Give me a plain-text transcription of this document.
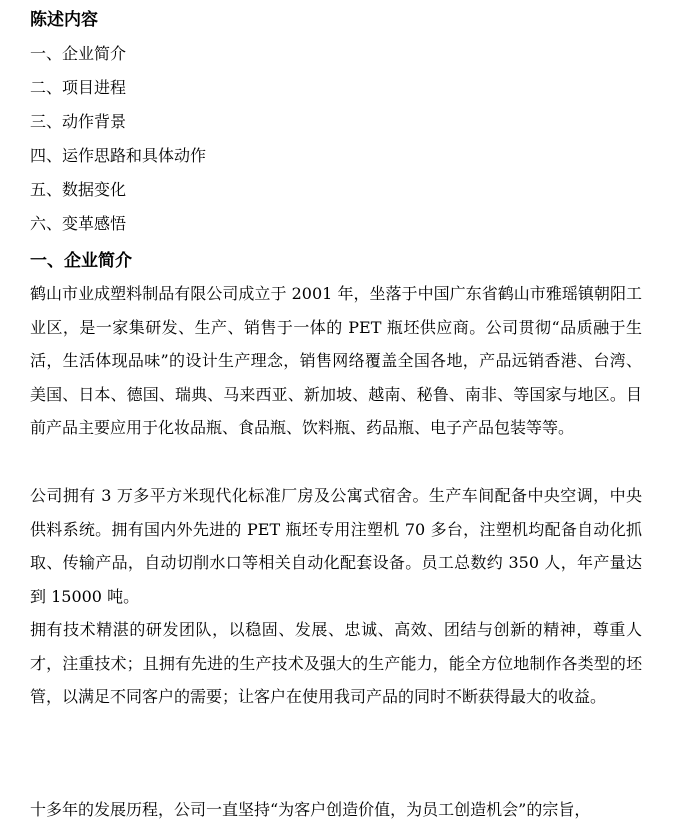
陈述内容
一、企业简介
二、项目进程
三、动作背景
四、运作思路和具体动作
五、数据变化
六、变革感悟
一、企业简介

鹤山市业成塑料制品有限公司成立于 2001 年，坐落于中国广东省鹤山市雅瑶镇朝阳工业区，是一家集研发、生产、销售于一体的 PET 瓶坯供应商。公司贯彻“品质融于生活，生活体现品味”的设计生产理念，销售网络覆盖全国各地，产品远销香港、台湾、美国、日本、德国、瑞典、马来西亚、新加坡、越南、秘鲁、南非、等国家与地区。目前产品主要应用于化妆品瓶、食品瓶、饮料瓶、药品瓶、电子产品包装等等。

公司拥有 3 万多平方米现代化标准厂房及公寓式宿舍。生产车间配备中央空调，中央供料系统。拥有国内外先进的 PET 瓶坯专用注塑机 70 多台，注塑机均配备自动化抓取、传输产品，自动切削水口等相关自动化配套设备。员工总数约 350 人，年产量达到 15000 吨。

拥有技术精湛的研发团队，以稳固、发展、忠诚、高效、团结与创新的精神，尊重人才，注重技术；且拥有先进的生产技术及强大的生产能力，能全方位地制作各类型的坯管，以满足不同客户的需要；让客户在使用我司产品的同时不断获得最大的收益。

十多年的发展历程，公司一直坚持“为客户创造价值，为员工创造机会”的宗旨，
